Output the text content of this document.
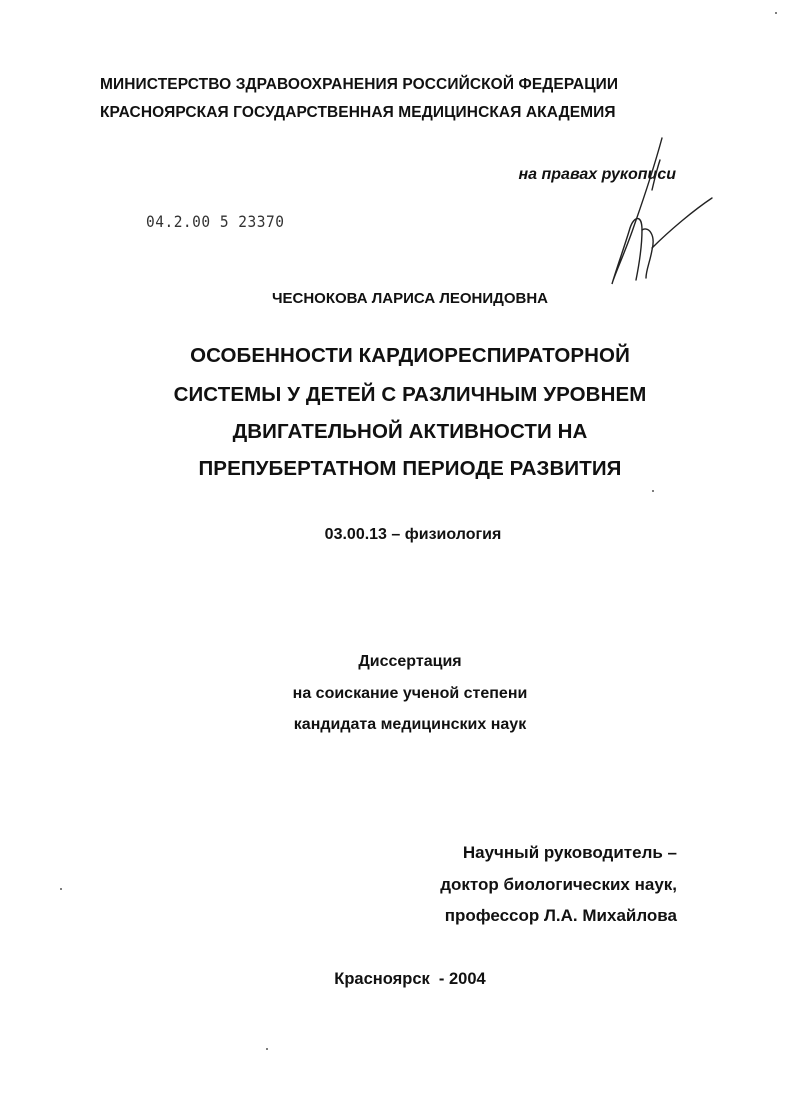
МИНИСТЕРСТВО ЗДРАВООХРАНЕНИЯ РОССИЙСКОЙ ФЕДЕРАЦИИ
КРАСНОЯРСКАЯ ГОСУДАРСТВЕННАЯ МЕДИЦИНСКАЯ АКАДЕМИЯ
на правах рукописи
04.2.00 5 23370
ЧЕСНОКОВА ЛАРИСА ЛЕОНИДОВНА
ОСОБЕННОСТИ КАРДИОРЕСПИРАТОРНОЙ
СИСТЕМЫ У ДЕТЕЙ С РАЗЛИЧНЫМ УРОВНЕМ
ДВИГАТЕЛЬНОЙ АКТИВНОСТИ НА
ПРЕПУБЕРТАТНОМ ПЕРИОДЕ РАЗВИТИЯ
03.00.13 – физиология
Диссертация
на соискание ученой степени
кандидата медицинских наук
Научный руководитель –
доктор биологических наук,
профессор Л.А. Михайлова
Красноярск  - 2004
